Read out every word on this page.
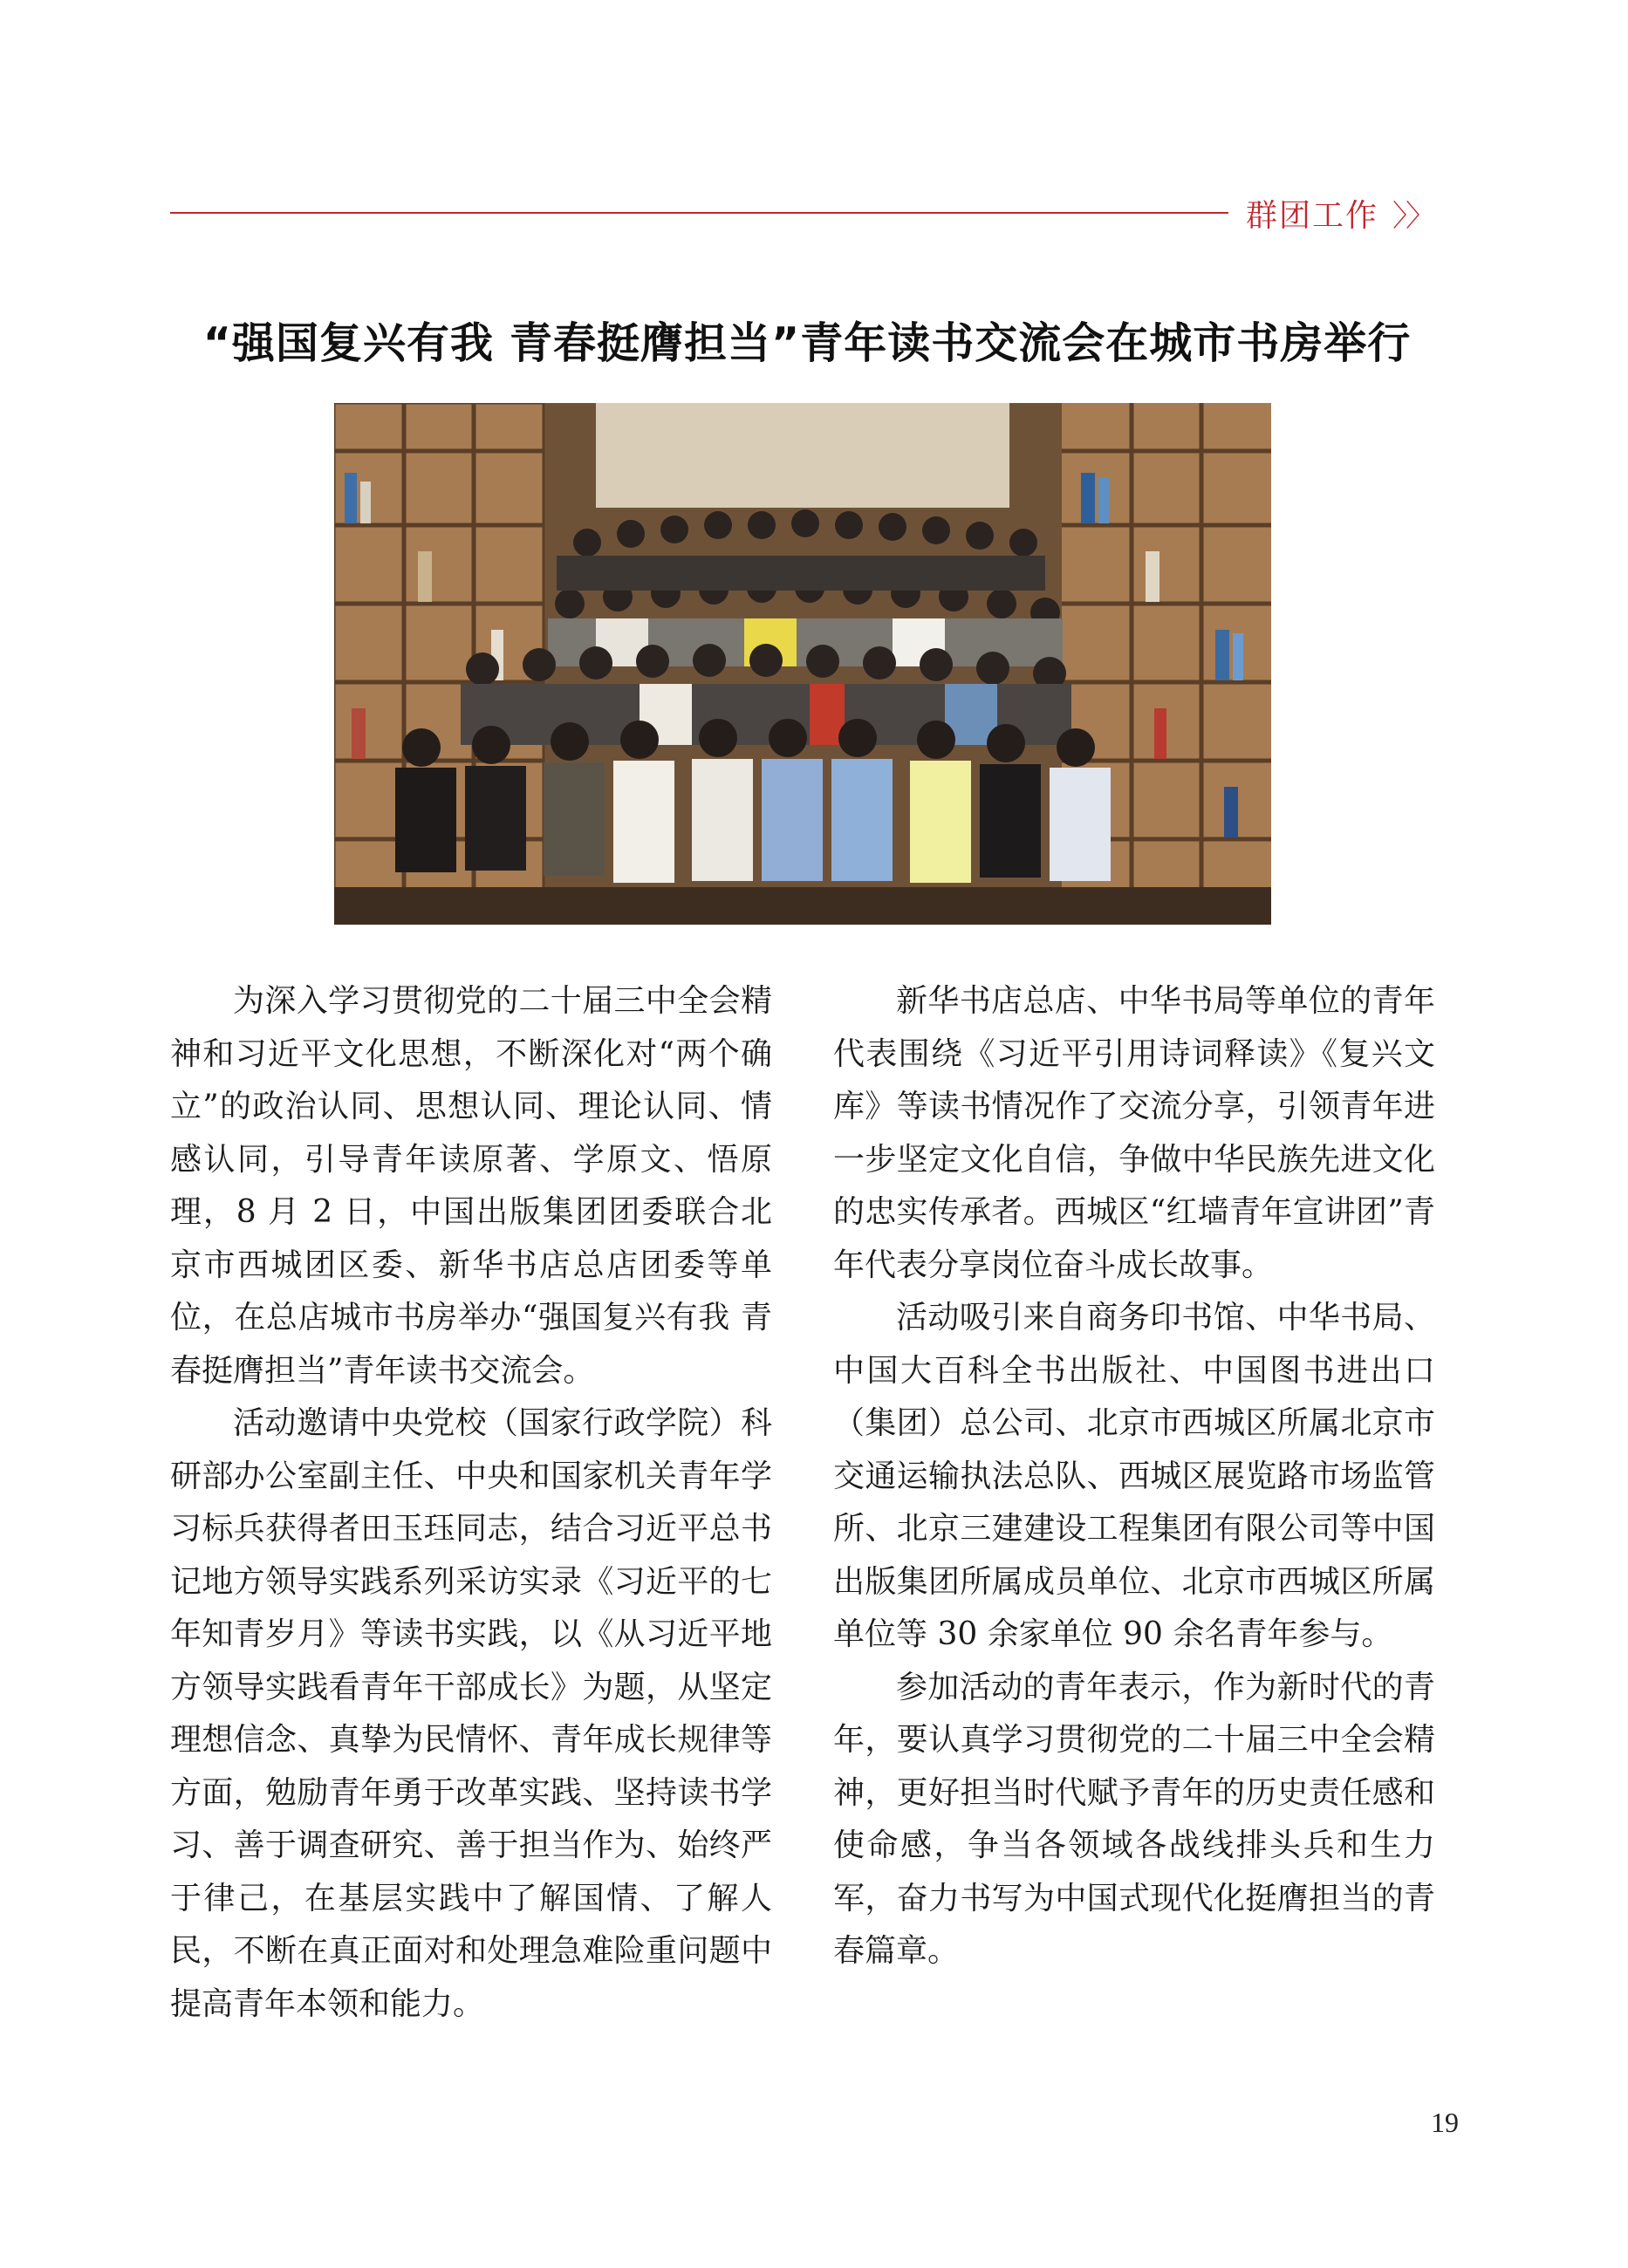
群团工作 〉〉
“强国复兴有我 青春挺膺担当”青年读书交流会在城市书房举行

为深入学习贯彻党的二十届三中全会精神和习近平文化思想，不断深化对“两个确立”的政治认同、思想认同、理论认同、情感认同，引导青年读原著、学原文、悟原理，8 月 2 日，中国出版集团团委联合北京市西城团区委、新华书店总店团委等单位，在总店城市书房举办“强国复兴有我 青春挺膺担当”青年读书交流会。

活动邀请中央党校（国家行政学院）科研部办公室副主任、中央和国家机关青年学习标兵获得者田玉珏同志，结合习近平总书记地方领导实践系列采访实录《习近平的七年知青岁月》等读书实践，以《从习近平地方领导实践看青年干部成长》为题，从坚定理想信念、真挚为民情怀、青年成长规律等方面，勉励青年勇于改革实践、坚持读书学习、善于调查研究、善于担当作为、始终严于律己，在基层实践中了解国情、了解人民，不断在真正面对和处理急难险重问题中提高青年本领和能力。

新华书店总店、中华书局等单位的青年代表围绕《习近平引用诗词释读》《复兴文库》等读书情况作了交流分享，引领青年进一步坚定文化自信，争做中华民族先进文化的忠实传承者。西城区“红墙青年宣讲团”青年代表分享岗位奋斗成长故事。

活动吸引来自商务印书馆、中华书局、中国大百科全书出版社、中国图书进出口（集团）总公司、北京市西城区所属北京市交通运输执法总队、西城区展览路市场监管所、北京三建建设工程集团有限公司等中国出版集团所属成员单位、北京市西城区所属单位等 30 余家单位 90 余名青年参与。

参加活动的青年表示，作为新时代的青年，要认真学习贯彻党的二十届三中全会精神，更好担当时代赋予青年的历史责任感和使命感，争当各领域各战线排头兵和生力军，奋力书写为中国式现代化挺膺担当的青春篇章。

19
